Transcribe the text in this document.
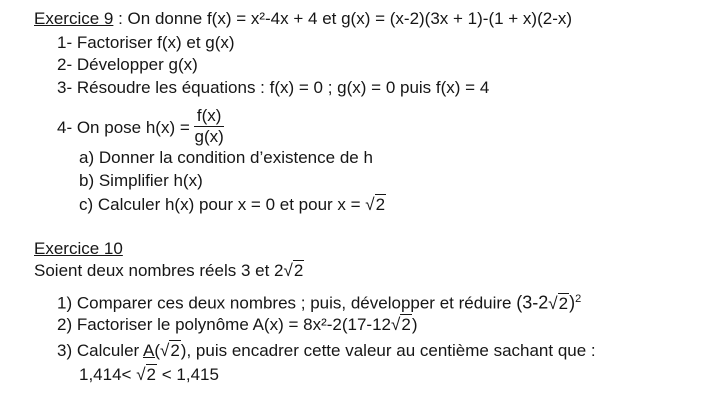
Exercice 9 : On donne f(x) = x²-4x + 4 et g(x) = (x-2)(3x + 1)-(1 + x)(2-x)
1- Factoriser f(x) et g(x)
2- Développer g(x)
3- Résoudre les équations : f(x) = 0 ; g(x) = 0 puis f(x) = 4
4- On pose $h(x) = \frac{f(x)}{g(x)}$
a) Donner la condition d’existence de h
b) Simplifier h(x)
c) Calculer h(x) pour x = 0 et pour x = √2
Exercice 10
Soient deux nombres réels 3 et 2√2
1) Comparer ces deux nombres ; puis, développer et réduire $(3-2√2)^2$
2) Factoriser le polynôme A(x) = 8x²-2(17-12√2)
3) Calculer A(√2), puis encadrer cette valeur au centième sachant que :
1,414< √2 < 1,415
